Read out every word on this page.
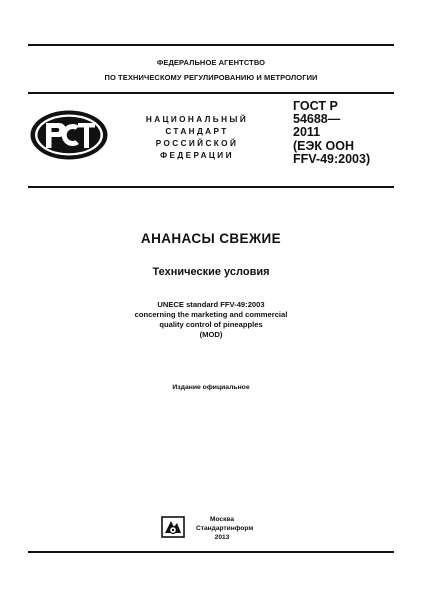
ФЕДЕРАЛЬНОЕ АГЕНТСТВО
ПО ТЕХНИЧЕСКОМУ РЕГУЛИРОВАНИЮ И МЕТРОЛОГИИ
НАЦИОНАЛЬНЫЙ
СТАНДАРТ
РОССИЙСКОЙ
ФЕДЕРАЦИИ
ГОСТ Р
54688—
2011
(ЕЭК ООН
FFV-49:2003)
АНАНАСЫ СВЕЖИЕ
Технические условия
UNECE standard FFV-49:2003
concerning the marketing and commercial
quality control of pineapples
(MOD)
Издание официальное
Москва
Стандартинформ
2013
